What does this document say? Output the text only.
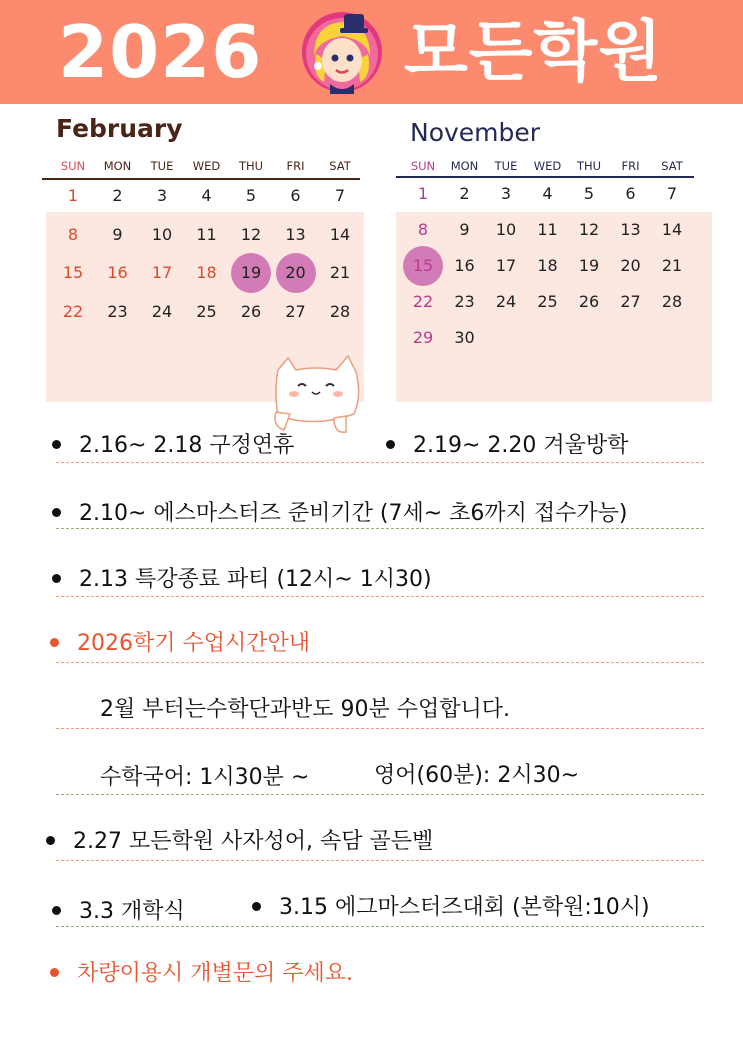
2026 모든학원
February
SUN	MON	TUE	WED	THU	FRI	SAT
1	2	3	4	5	6	7
8	9	10	11	12	13	14
15	16	17	18	19	20	21
22	23	24	25	26	27	28
November
SUN	MON	TUE	WED	THU	FRI	SAT
1	2	3	4	5	6	7
8	9	10	11	12	13	14
15	16	17	18	19	20	21
22	23	24	25	26	27	28
29	30
2.16~ 2.18 구정연휴	2.19~ 2.20 겨울방학
2.10~ 에스마스터즈 준비기간 (7세~ 초6까지 접수가능)
2.13 특강종료 파티 (12시~ 1시30)
2026학기 수업시간안내
2월 부터는수학단과반도 90분 수업합니다.
수학국어: 1시30분 ~	영어(60분): 2시30~
2.27 모든학원 사자성어, 속담 골든벨
3.3 개학식	3.15 에그마스터즈대회 (본학원:10시)
차량이용시 개별문의 주세요.
